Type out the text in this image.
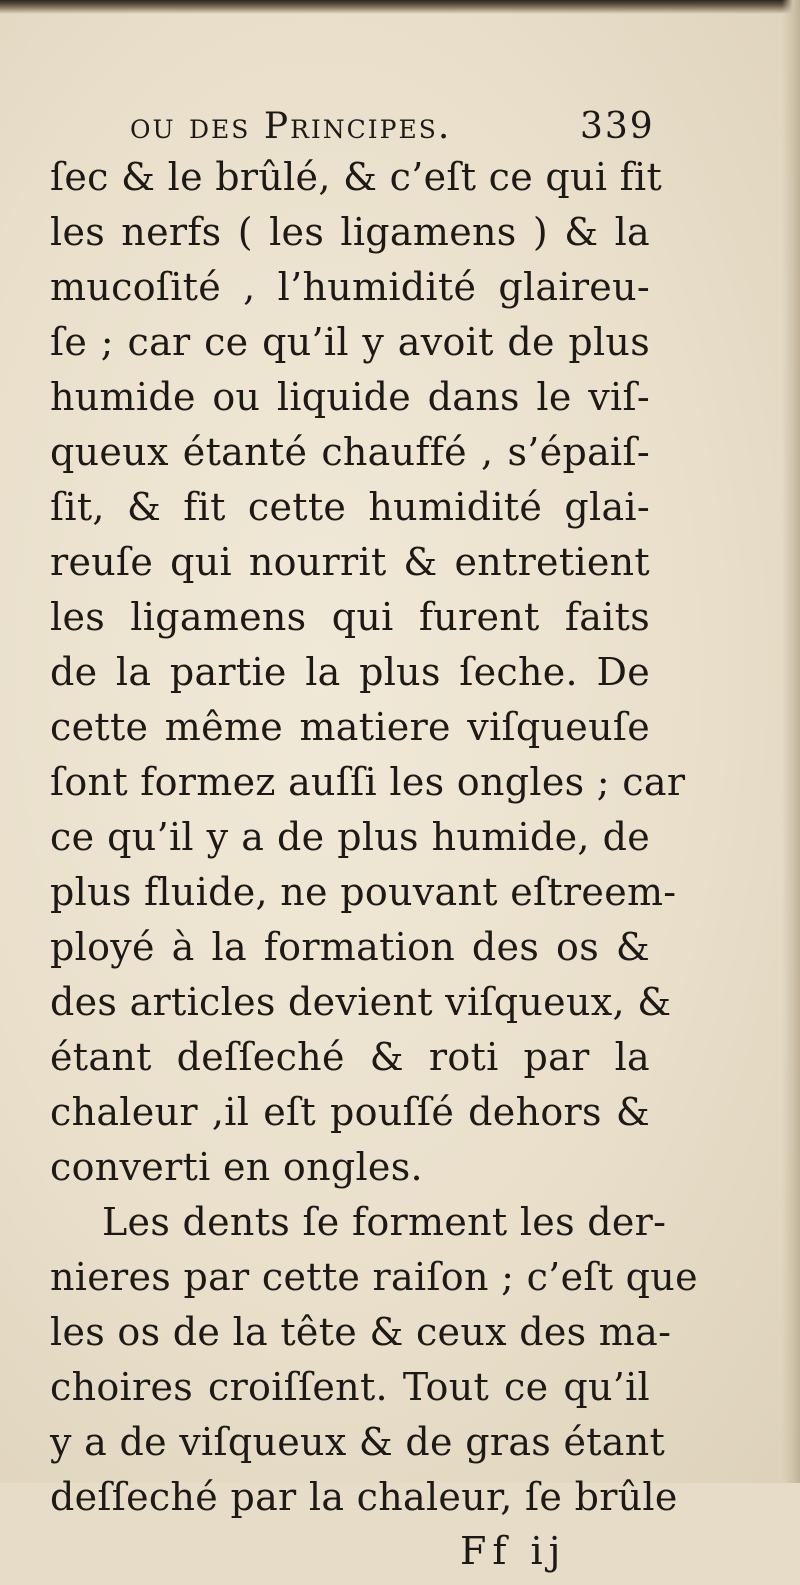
ou des Principes.	339
ſec & le brûlé, & c’eſt ce qui fit
les nerfs ( les ligamens ) & la
mucoſité , l’humidité glaireu-
ſe ; car ce qu’il y avoit de plus
humide ou liquide dans le viſ-
queux étanté chauffé , s’épaiſ-
ſit, & fit cette humidité glai-
reuſe qui nourrit & entretient
les ligamens qui furent faits
de la partie la plus ſeche. De
cette même matiere viſqueuſe
ſont formez auſſi les ongles ; car
ce qu’il y a de plus humide, de
plus fluide, ne pouvant eſtreem-
ployé à la formation des os &
des articles devient viſqueux, &
étant deſſeché & roti par la
chaleur ,il eſt pouſſé dehors &
converti en ongles.
Les dents ſe forment les der-
nieres par cette raiſon ; c’eſt que
les os de la tête & ceux des ma-
choires croiſſent. Tout ce qu’il
y a de viſqueux & de gras étant
deſſeché par la chaleur, ſe brûle
Ff ij
